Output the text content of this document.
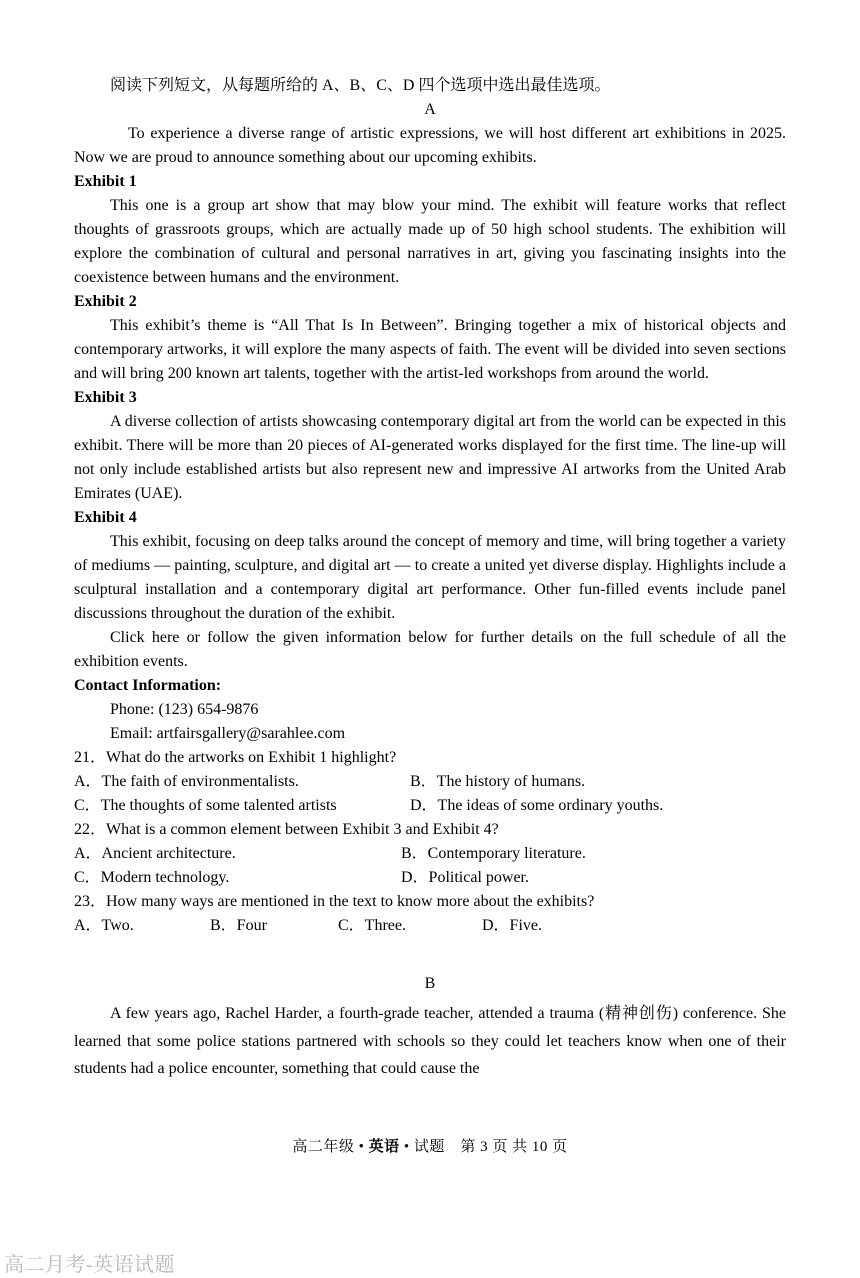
阅读下列短文，从每题所给的 A、B、C、D 四个选项中选出最佳选项。
A

To experience a diverse range of artistic expressions, we will host different art exhibitions in 2025. Now we are proud to announce something about our upcoming exhibits.

Exhibit 1

This one is a group art show that may blow your mind. The exhibit will feature works that reflect thoughts of grassroots groups, which are actually made up of 50 high school students. The exhibition will explore the combination of cultural and personal narratives in art, giving you fascinating insights into the coexistence between humans and the environment.

Exhibit 2

This exhibit’s theme is “All That Is In Between”. Bringing together a mix of historical objects and contemporary artworks, it will explore the many aspects of faith. The event will be divided into seven sections and will bring 200 known art talents, together with the artist-led workshops from around the world.

Exhibit 3

A diverse collection of artists showcasing contemporary digital art from the world can be expected in this exhibit. There will be more than 20 pieces of AI-generated works displayed for the first time. The line-up will not only include established artists but also represent new and impressive AI artworks from the United Arab Emirates (UAE).

Exhibit 4

This exhibit, focusing on deep talks around the concept of memory and time, will bring together a variety of mediums — painting, sculpture, and digital art — to create a united yet diverse display. Highlights include a sculptural installation and a contemporary digital art performance. Other fun-filled events include panel discussions throughout the duration of the exhibit.

Click here or follow the given information below for further details on the full schedule of all the exhibition events.

Contact Information:
Phone: (123) 654-9876
Email: artfairsgallery@sarahlee.com
21．What do the artworks on Exhibit 1 highlight?
A．The faith of environmentalists.	B．The history of humans.
C．The thoughts of some talented artists	D．The ideas of some ordinary youths.
22．What is a common element between Exhibit 3 and Exhibit 4?
A．Ancient architecture.	B．Contemporary literature.
C．Modern technology.	D．Political power.
23．How many ways are mentioned in the text to know more about the exhibits?
A．Two.	B．Four	C．Three.	D．Five.
B

A few years ago, Rachel Harder, a fourth-grade teacher, attended a trauma (精神创伤) conference. She learned that some police stations partnered with schools so they could let teachers know when one of their students had a police encounter, something that could cause the

高二年级 • 英语 • 试题　第 3 页 共 10 页
高二月考-英语试题
